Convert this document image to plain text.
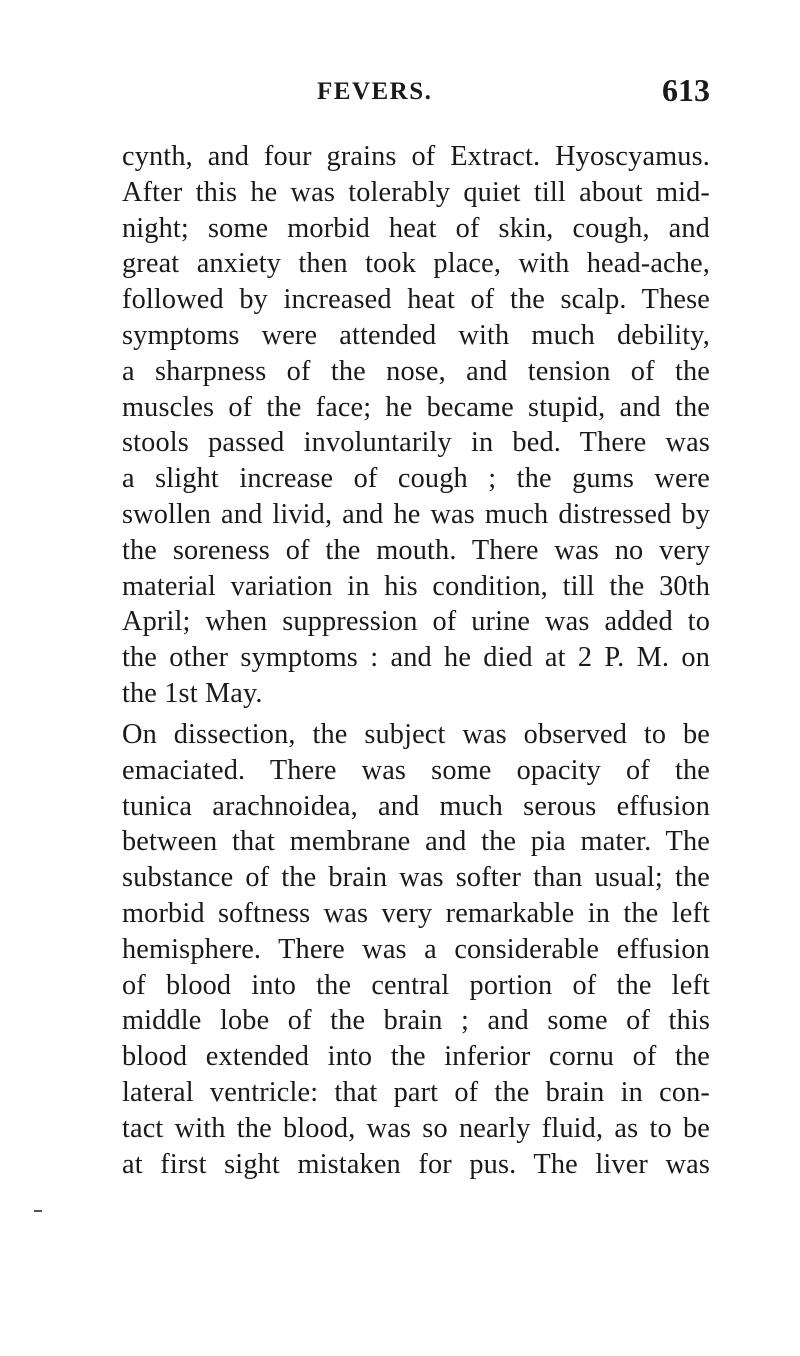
FEVERS.	613
cynth, and four grains of Extract. Hyoscyamus.
After this he was tolerably quiet till about mid-
night; some morbid heat of skin, cough, and
great anxiety then took place, with head-ache,
followed by increased heat of the scalp. These
symptoms were attended with much debility,
a sharpness of the nose, and tension of the
muscles of the face; he became stupid, and the
stools passed involuntarily in bed. There was
a slight increase of cough ; the gums were
swollen and livid, and he was much distressed by
the soreness of the mouth. There was no very
material variation in his condition, till the 30th
April; when suppression of urine was added to
the other symptoms : and he died at 2 P. M. on
the 1st May.
On dissection, the subject was observed to be
emaciated. There was some opacity of the
tunica arachnoidea, and much serous effusion
between that membrane and the pia mater. The
substance of the brain was softer than usual; the
morbid softness was very remarkable in the left
hemisphere. There was a considerable effusion
of blood into the central portion of the left
middle lobe of the brain ; and some of this
blood extended into the inferior cornu of the
lateral ventricle: that part of the brain in con-
tact with the blood, was so nearly fluid, as to be
at first sight mistaken for pus. The liver was
